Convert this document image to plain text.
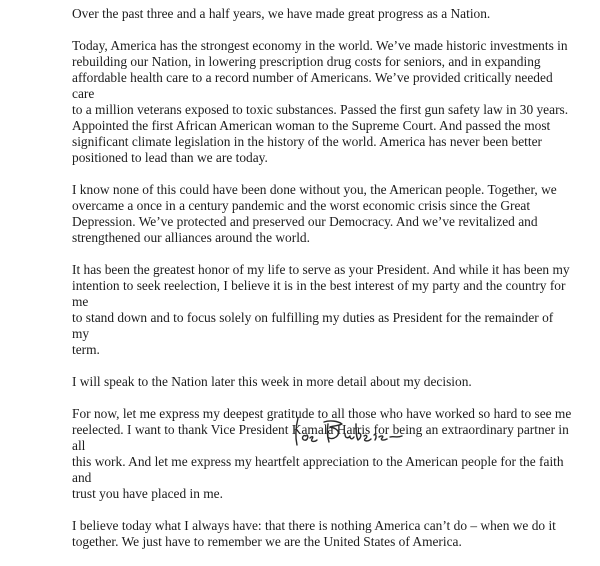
Over the past three and a half years, we have made great progress as a Nation.

Today, America has the strongest economy in the world. We’ve made historic investments in
rebuilding our Nation, in lowering prescription drug costs for seniors, and in expanding
affordable health care to a record number of Americans. We’ve provided critically needed care
to a million veterans exposed to toxic substances. Passed the first gun safety law in 30 years.
Appointed the first African American woman to the Supreme Court. And passed the most
significant climate legislation in the history of the world. America has never been better
positioned to lead than we are today.

I know none of this could have been done without you, the American people. Together, we
overcame a once in a century pandemic and the worst economic crisis since the Great
Depression. We’ve protected and preserved our Democracy. And we’ve revitalized and
strengthened our alliances around the world.

It has been the greatest honor of my life to serve as your President. And while it has been my
intention to seek reelection, I believe it is in the best interest of my party and the country for me
to stand down and to focus solely on fulfilling my duties as President for the remainder of my
term.

I will speak to the Nation later this week in more detail about my decision.

For now, let me express my deepest gratitude to all those who have worked so hard to see me
reelected. I want to thank Vice President Kamala Harris for being an extraordinary partner in all
this work. And let me express my heartfelt appreciation to the American people for the faith and
trust you have placed in me.

I believe today what I always have: that there is nothing America can’t do – when we do it
together. We just have to remember we are the United States of America.
